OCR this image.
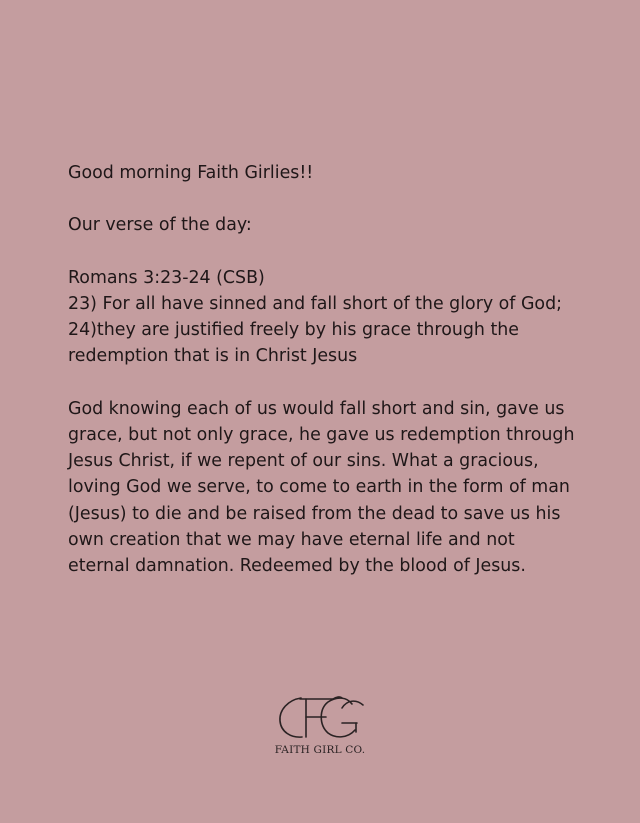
Good morning Faith Girlies!!

Our verse of the day:

Romans 3:23-24 (CSB)

23) For all have sinned and fall short of the glory of God; 24)they are justified freely by his grace through the redemption that is in Christ Jesus

God knowing each of us would fall short and sin, gave us grace, but not only grace, he gave us redemption through Jesus Christ, if we repent of our sins. What a gracious, loving God we serve, to come to earth in the form of man (Jesus) to die and be raised from the dead to save us his own creation that we may have eternal life and not eternal damnation. Redeemed by the blood of Jesus.

FAITH GIRL CO.
